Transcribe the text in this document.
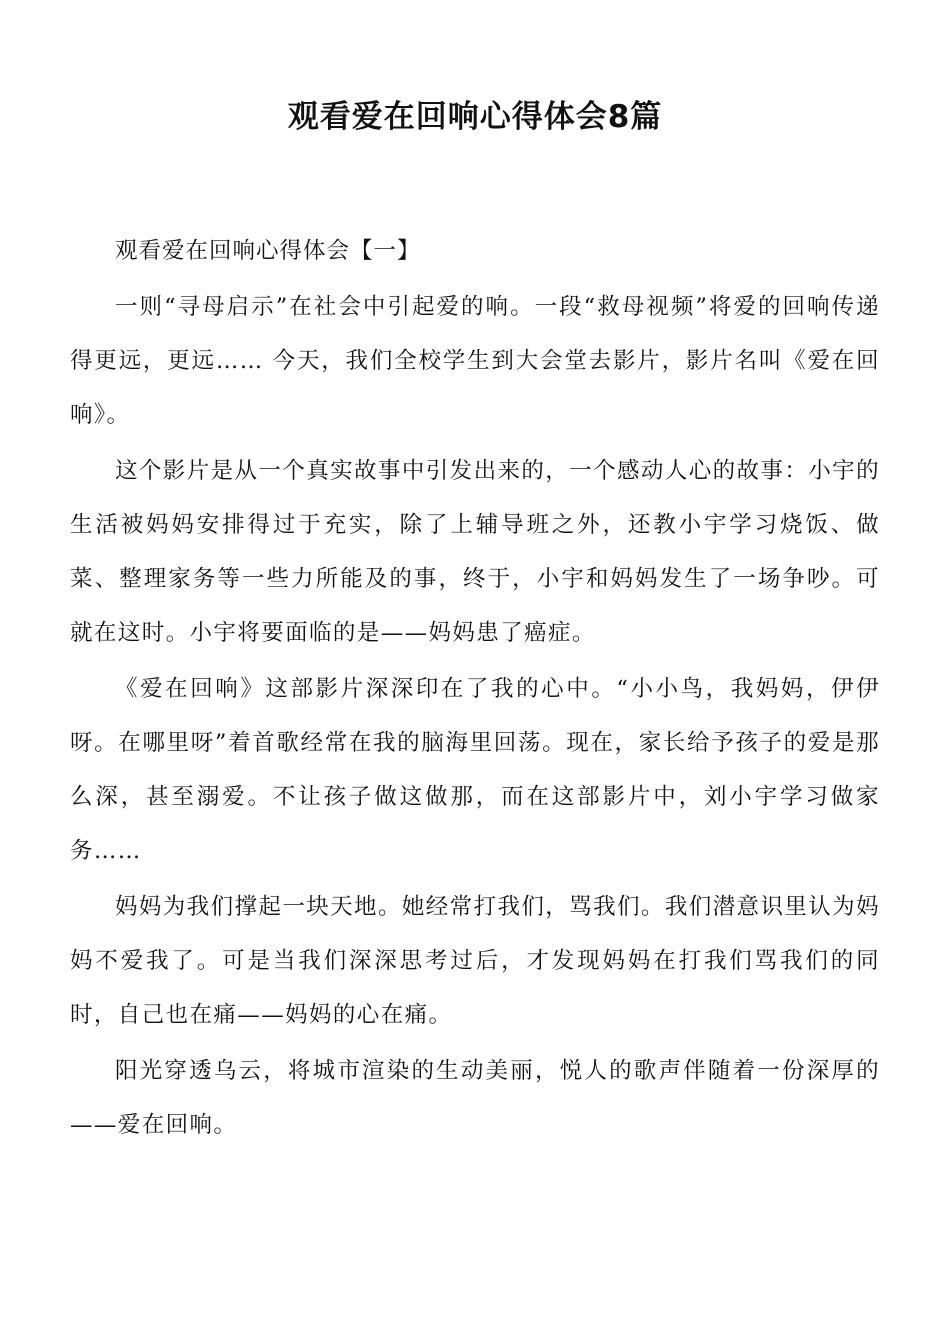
观看爱在回响心得体会8篇

观看爱在回响心得体会【一】

一则“寻母启示”在社会中引起爱的响。一段“救母视频”将爱的回响传递得更远，更远…… 今天，我们全校学生到大会堂去影片，影片名叫《爱在回响》。

这个影片是从一个真实故事中引发出来的，一个感动人心的故事：小宇的生活被妈妈安排得过于充实，除了上辅导班之外，还教小宇学习烧饭、做菜、整理家务等一些力所能及的事，终于，小宇和妈妈发生了一场争吵。可就在这时。小宇将要面临的是——妈妈患了癌症。

《爱在回响》这部影片深深印在了我的心中。“小小鸟，我妈妈，伊伊呀。在哪里呀”着首歌经常在我的脑海里回荡。现在，家长给予孩子的爱是那么深，甚至溺爱。不让孩子做这做那，而在这部影片中，刘小宇学习做家务……

妈妈为我们撑起一块天地。她经常打我们，骂我们。我们潜意识里认为妈妈不爱我了。可是当我们深深思考过后，才发现妈妈在打我们骂我们的同时，自己也在痛——妈妈的心在痛。

阳光穿透乌云，将城市渲染的生动美丽，悦人的歌声伴随着一份深厚的——爱在回响。
